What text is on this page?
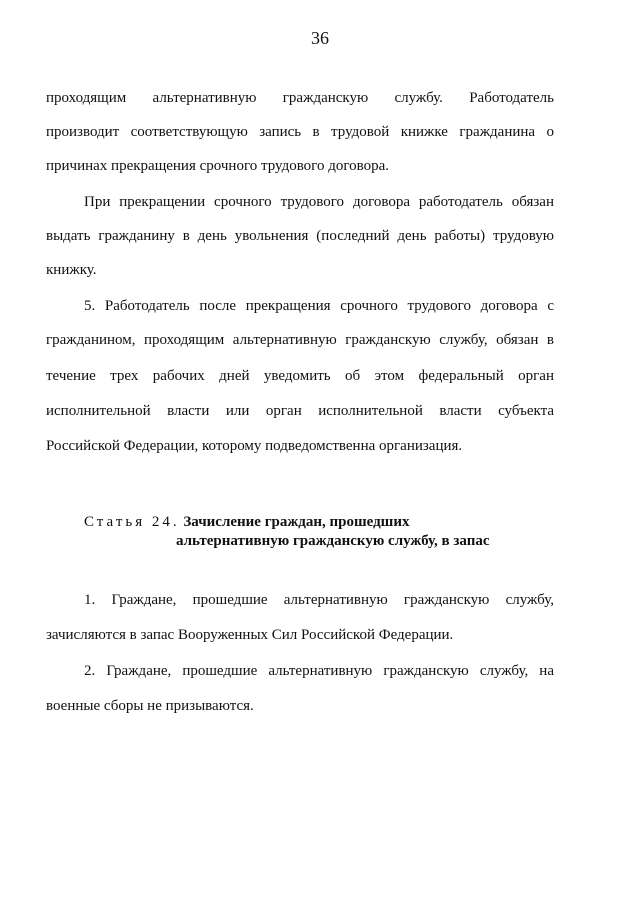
36
проходящим альтернативную гражданскую службу. Работодатель
производит соответствующую запись в трудовой книжке гражданина о
причинах прекращения срочного трудового договора.
При прекращении срочного трудового договора работодатель обязан
выдать гражданину в день увольнения (последний день работы) трудовую
книжку.
5. Работодатель после прекращения срочного трудового договора с
гражданином, проходящим альтернативную гражданскую службу, обязан в
течение трех рабочих дней уведомить об этом федеральный орган
исполнительной власти или орган исполнительной власти субъекта
Российской Федерации, которому подведомственна организация.
Статья 24. Зачисление граждан, прошедших
альтернативную гражданскую службу, в запас
1. Граждане, прошедшие альтернативную гражданскую службу,
зачисляются в запас Вооруженных Сил Российской Федерации.
2. Граждане, прошедшие альтернативную гражданскую службу, на
военные сборы не призываются.
